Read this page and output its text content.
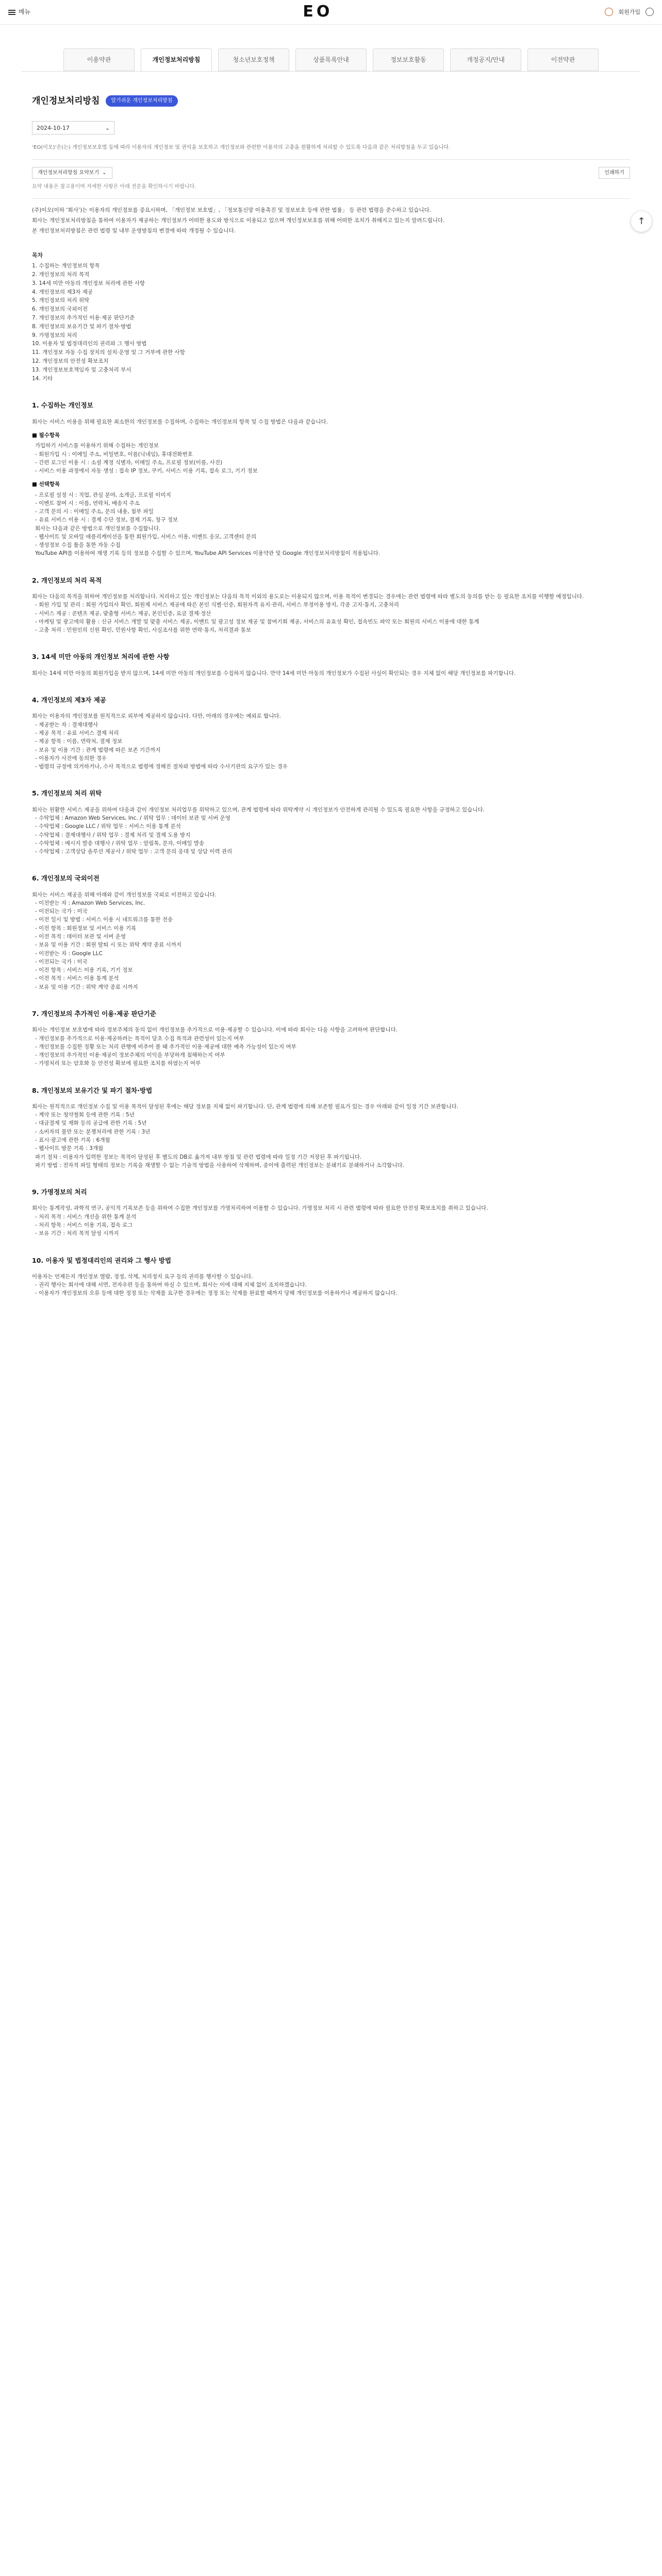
메뉴	EO	회원가입
이용약관	개인정보처리방침	청소년보호정책	상품목록안내	정보보호활동	개정공지/안내	이전약관
개인정보처리방침	알기쉬운 개인정보처리방침
2024-10-17	⌄
‘EO(이오)’은(는) 개인정보보호법 등에 따라 이용자의 개인정보 및 권익을 보호하고 개인정보와 관련한 이용자의 고충을 원활하게 처리할 수 있도록 다음과 같은 처리방침을 두고 있습니다.
개인정보처리방침 요약보기 ⌄
요약 내용은 참고용이며 자세한 사항은 아래 전문을 확인하시기 바랍니다.
인쇄하기

(주)이오(이하 ‘회사’)는 이용자의 개인정보를 중요시하며, 「개인정보 보호법」, 「정보통신망 이용촉진 및 정보보호 등에 관한 법률」 등 관련 법령을 준수하고 있습니다.

회사는 개인정보처리방침을 통하여 이용자가 제공하는 개인정보가 어떠한 용도와 방식으로 이용되고 있으며 개인정보보호를 위해 어떠한 조치가 취해지고 있는지 알려드립니다.

본 개인정보처리방침은 관련 법령 및 내부 운영방침의 변경에 따라 개정될 수 있습니다.

목차
1. 수집하는 개인정보의 항목
2. 개인정보의 처리 목적
3. 14세 미만 아동의 개인정보 처리에 관한 사항
4. 개인정보의 제3자 제공
5. 개인정보의 처리 위탁
6. 개인정보의 국외이전
7. 개인정보의 추가적인 이용·제공 판단기준
8. 개인정보의 보유기간 및 파기 절차·방법
9. 가명정보의 처리
10. 이용자 및 법정대리인의 권리와 그 행사 방법
11. 개인정보 자동 수집 장치의 설치·운영 및 그 거부에 관한 사항
12. 개인정보의 안전성 확보조치
13. 개인정보보호책임자 및 고충처리 부서
14. 기타
1. 수집하는 개인정보
회사는 서비스 이용을 위해 필요한 최소한의 개인정보를 수집하며, 수집하는 개인정보의 항목 및 수집 방법은 다음과 같습니다.
■ 필수항목
가입하기 서비스를 이용하기 위해 수집하는 개인정보
- 회원가입 시 : 이메일 주소, 비밀번호, 이름(닉네임), 휴대전화번호
- 간편 로그인 이용 시 : 소셜 계정 식별자, 이메일 주소, 프로필 정보(이름, 사진)
- 서비스 이용 과정에서 자동 생성 : 접속 IP 정보, 쿠키, 서비스 이용 기록, 접속 로그, 기기 정보
■ 선택항목
- 프로필 설정 시 : 직업, 관심 분야, 소개글, 프로필 이미지
- 이벤트 참여 시 : 이름, 연락처, 배송지 주소
- 고객 문의 시 : 이메일 주소, 문의 내용, 첨부 파일
- 유료 서비스 이용 시 : 결제 수단 정보, 결제 기록, 청구 정보
회사는 다음과 같은 방법으로 개인정보를 수집합니다.
- 웹사이트 및 모바일 애플리케이션을 통한 회원가입, 서비스 이용, 이벤트 응모, 고객센터 문의
- 생성정보 수집 툴을 통한 자동 수집
YouTube API를 이용하여 재생 기록 등의 정보를 수집할 수 있으며, YouTube API Services 이용약관 및 Google 개인정보처리방침이 적용됩니다.
2. 개인정보의 처리 목적
회사는 다음의 목적을 위하여 개인정보를 처리합니다. 처리하고 있는 개인정보는 다음의 목적 이외의 용도로는 이용되지 않으며, 이용 목적이 변경되는 경우에는 관련 법령에 따라 별도의 동의를 받는 등 필요한 조치를 이행할 예정입니다.
- 회원 가입 및 관리 : 회원 가입의사 확인, 회원제 서비스 제공에 따른 본인 식별·인증, 회원자격 유지·관리, 서비스 부정이용 방지, 각종 고지·통지, 고충처리
- 서비스 제공 : 콘텐츠 제공, 맞춤형 서비스 제공, 본인인증, 요금 결제·정산
- 마케팅 및 광고에의 활용 : 신규 서비스 개발 및 맞춤 서비스 제공, 이벤트 및 광고성 정보 제공 및 참여기회 제공, 서비스의 유효성 확인, 접속빈도 파악 또는 회원의 서비스 이용에 대한 통계
- 고충 처리 : 민원인의 신원 확인, 민원사항 확인, 사실조사를 위한 연락·통지, 처리결과 통보
3. 14세 미만 아동의 개인정보 처리에 관한 사항
회사는 14세 미만 아동의 회원가입을 받지 않으며, 14세 미만 아동의 개인정보를 수집하지 않습니다. 만약 14세 미만 아동의 개인정보가 수집된 사실이 확인되는 경우 지체 없이 해당 개인정보를 파기합니다.
4. 개인정보의 제3자 제공
회사는 이용자의 개인정보를 원칙적으로 외부에 제공하지 않습니다. 다만, 아래의 경우에는 예외로 합니다.
- 제공받는 자 : 결제대행사
- 제공 목적 : 유료 서비스 결제 처리
- 제공 항목 : 이름, 연락처, 결제 정보
- 보유 및 이용 기간 : 관계 법령에 따른 보존 기간까지
- 이용자가 사전에 동의한 경우
- 법령의 규정에 의거하거나, 수사 목적으로 법령에 정해진 절차와 방법에 따라 수사기관의 요구가 있는 경우
5. 개인정보의 처리 위탁
회사는 원활한 서비스 제공을 위하여 다음과 같이 개인정보 처리업무를 위탁하고 있으며, 관계 법령에 따라 위탁계약 시 개인정보가 안전하게 관리될 수 있도록 필요한 사항을 규정하고 있습니다.
- 수탁업체 : Amazon Web Services, Inc. / 위탁 업무 : 데이터 보관 및 서버 운영
- 수탁업체 : Google LLC / 위탁 업무 : 서비스 이용 통계 분석
- 수탁업체 : 결제대행사 / 위탁 업무 : 결제 처리 및 결제 도용 방지
- 수탁업체 : 메시지 발송 대행사 / 위탁 업무 : 알림톡, 문자, 이메일 발송
- 수탁업체 : 고객상담 솔루션 제공사 / 위탁 업무 : 고객 문의 응대 및 상담 이력 관리
6. 개인정보의 국외이전
회사는 서비스 제공을 위해 아래와 같이 개인정보를 국외로 이전하고 있습니다.
- 이전받는 자 : Amazon Web Services, Inc.
- 이전되는 국가 : 미국
- 이전 일시 및 방법 : 서비스 이용 시 네트워크를 통한 전송
- 이전 항목 : 회원정보 및 서비스 이용 기록
- 이전 목적 : 데이터 보관 및 서버 운영
- 보유 및 이용 기간 : 회원 탈퇴 시 또는 위탁 계약 종료 시까지
- 이전받는 자 : Google LLC
- 이전되는 국가 : 미국
- 이전 항목 : 서비스 이용 기록, 기기 정보
- 이전 목적 : 서비스 이용 통계 분석
- 보유 및 이용 기간 : 위탁 계약 종료 시까지
7. 개인정보의 추가적인 이용·제공 판단기준
회사는 개인정보 보호법에 따라 정보주체의 동의 없이 개인정보를 추가적으로 이용·제공할 수 있습니다. 이에 따라 회사는 다음 사항을 고려하여 판단합니다.
- 개인정보를 추가적으로 이용·제공하려는 목적이 당초 수집 목적과 관련성이 있는지 여부
- 개인정보를 수집한 정황 또는 처리 관행에 비추어 볼 때 추가적인 이용·제공에 대한 예측 가능성이 있는지 여부
- 개인정보의 추가적인 이용·제공이 정보주체의 이익을 부당하게 침해하는지 여부
- 가명처리 또는 암호화 등 안전성 확보에 필요한 조치를 하였는지 여부
8. 개인정보의 보유기간 및 파기 절차·방법
회사는 원칙적으로 개인정보 수집 및 이용 목적이 달성된 후에는 해당 정보를 지체 없이 파기합니다. 단, 관계 법령에 의해 보존할 필요가 있는 경우 아래와 같이 일정 기간 보관합니다.
- 계약 또는 청약철회 등에 관한 기록 : 5년
- 대금결제 및 재화 등의 공급에 관한 기록 : 5년
- 소비자의 불만 또는 분쟁처리에 관한 기록 : 3년
- 표시·광고에 관한 기록 : 6개월
- 웹사이트 방문 기록 : 3개월
파기 절차 : 이용자가 입력한 정보는 목적이 달성된 후 별도의 DB로 옮겨져 내부 방침 및 관련 법령에 따라 일정 기간 저장된 후 파기됩니다.
파기 방법 : 전자적 파일 형태의 정보는 기록을 재생할 수 없는 기술적 방법을 사용하여 삭제하며, 종이에 출력된 개인정보는 분쇄기로 분쇄하거나 소각합니다.
9. 가명정보의 처리
회사는 통계작성, 과학적 연구, 공익적 기록보존 등을 위하여 수집한 개인정보를 가명처리하여 이용할 수 있습니다. 가명정보 처리 시 관련 법령에 따라 필요한 안전성 확보조치를 취하고 있습니다.
- 처리 목적 : 서비스 개선을 위한 통계 분석
- 처리 항목 : 서비스 이용 기록, 접속 로그
- 보유 기간 : 처리 목적 달성 시까지
10. 이용자 및 법정대리인의 권리와 그 행사 방법
이용자는 언제든지 개인정보 열람, 정정, 삭제, 처리정지 요구 등의 권리를 행사할 수 있습니다.
- 권리 행사는 회사에 대해 서면, 전자우편 등을 통하여 하실 수 있으며, 회사는 이에 대해 지체 없이 조치하겠습니다.
- 이용자가 개인정보의 오류 등에 대한 정정 또는 삭제를 요구한 경우에는 정정 또는 삭제를 완료할 때까지 당해 개인정보를 이용하거나 제공하지 않습니다.
↑
